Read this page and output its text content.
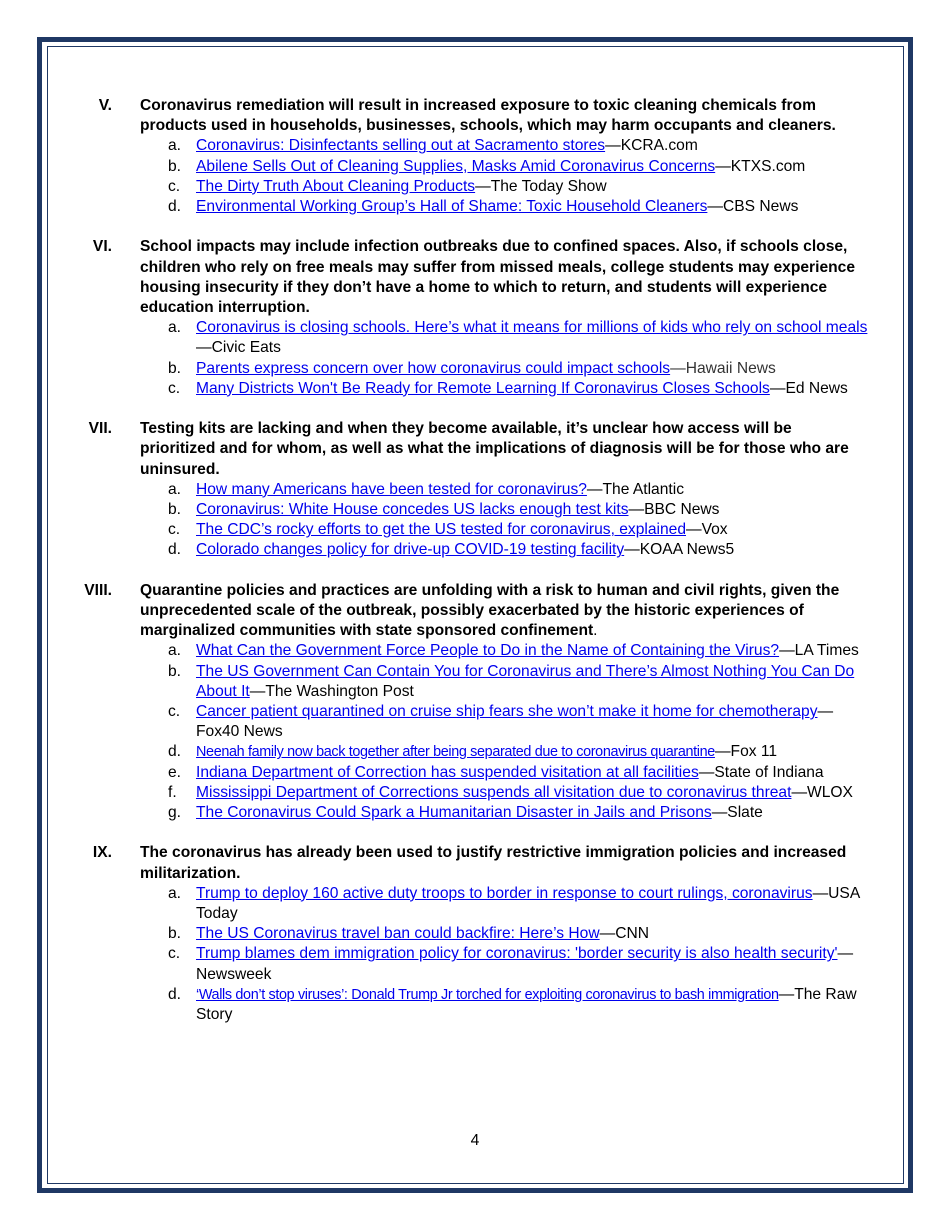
V. Coronavirus remediation will result in increased exposure to toxic cleaning chemicals from products used in households, businesses, schools, which may harm occupants and cleaners.

a. Coronavirus: Disinfectants selling out at Sacramento stores—KCRA.com
b. Abilene Sells Out of Cleaning Supplies, Masks Amid Coronavirus Concerns—KTXS.com
c. The Dirty Truth About Cleaning Products—The Today Show
d. Environmental Working Group’s Hall of Shame: Toxic Household Cleaners—CBS News
VI. School impacts may include infection outbreaks due to confined spaces. Also, if schools close, children who rely on free meals may suffer from missed meals, college students may experience housing insecurity if they don’t have a home to which to return, and students will experience education interruption.

a. Coronavirus is closing schools. Here’s what it means for millions of kids who rely on school meals—Civic Eats
b. Parents express concern over how coronavirus could impact schools—Hawaii News
c. Many Districts Won't Be Ready for Remote Learning If Coronavirus Closes Schools—Ed News
VII. Testing kits are lacking and when they become available, it’s unclear how access will be prioritized and for whom, as well as what the implications of diagnosis will be for those who are uninsured.

a. How many Americans have been tested for coronavirus?—The Atlantic
b. Coronavirus: White House concedes US lacks enough test kits—BBC News
c. The CDC’s rocky efforts to get the US tested for coronavirus, explained—Vox
d. Colorado changes policy for drive-up COVID-19 testing facility—KOAA News5
VIII. Quarantine policies and practices are unfolding with a risk to human and civil rights, given the unprecedented scale of the outbreak, possibly exacerbated by the historic experiences of marginalized communities with state sponsored confinement.

a. What Can the Government Force People to Do in the Name of Containing the Virus?—LA Times
b. The US Government Can Contain You for Coronavirus and There’s Almost Nothing You Can Do About It—The Washington Post
c. Cancer patient quarantined on cruise ship fears she won’t make it home for chemotherapy—Fox40 News
d. Neenah family now back together after being separated due to coronavirus quarantine—Fox 11
e. Indiana Department of Correction has suspended visitation at all facilities—State of Indiana
f. Mississippi Department of Corrections suspends all visitation due to coronavirus threat—WLOX
g. The Coronavirus Could Spark a Humanitarian Disaster in Jails and Prisons—Slate
IX. The coronavirus has already been used to justify restrictive immigration policies and increased militarization.

a. Trump to deploy 160 active duty troops to border in response to court rulings, coronavirus—USA Today
b. The US Coronavirus travel ban could backfire: Here’s How—CNN
c. Trump blames dem immigration policy for coronavirus: 'border security is also health security'—Newsweek
d. ‘Walls don’t stop viruses’: Donald Trump Jr torched for exploiting coronavirus to bash immigration—The Raw Story
4
